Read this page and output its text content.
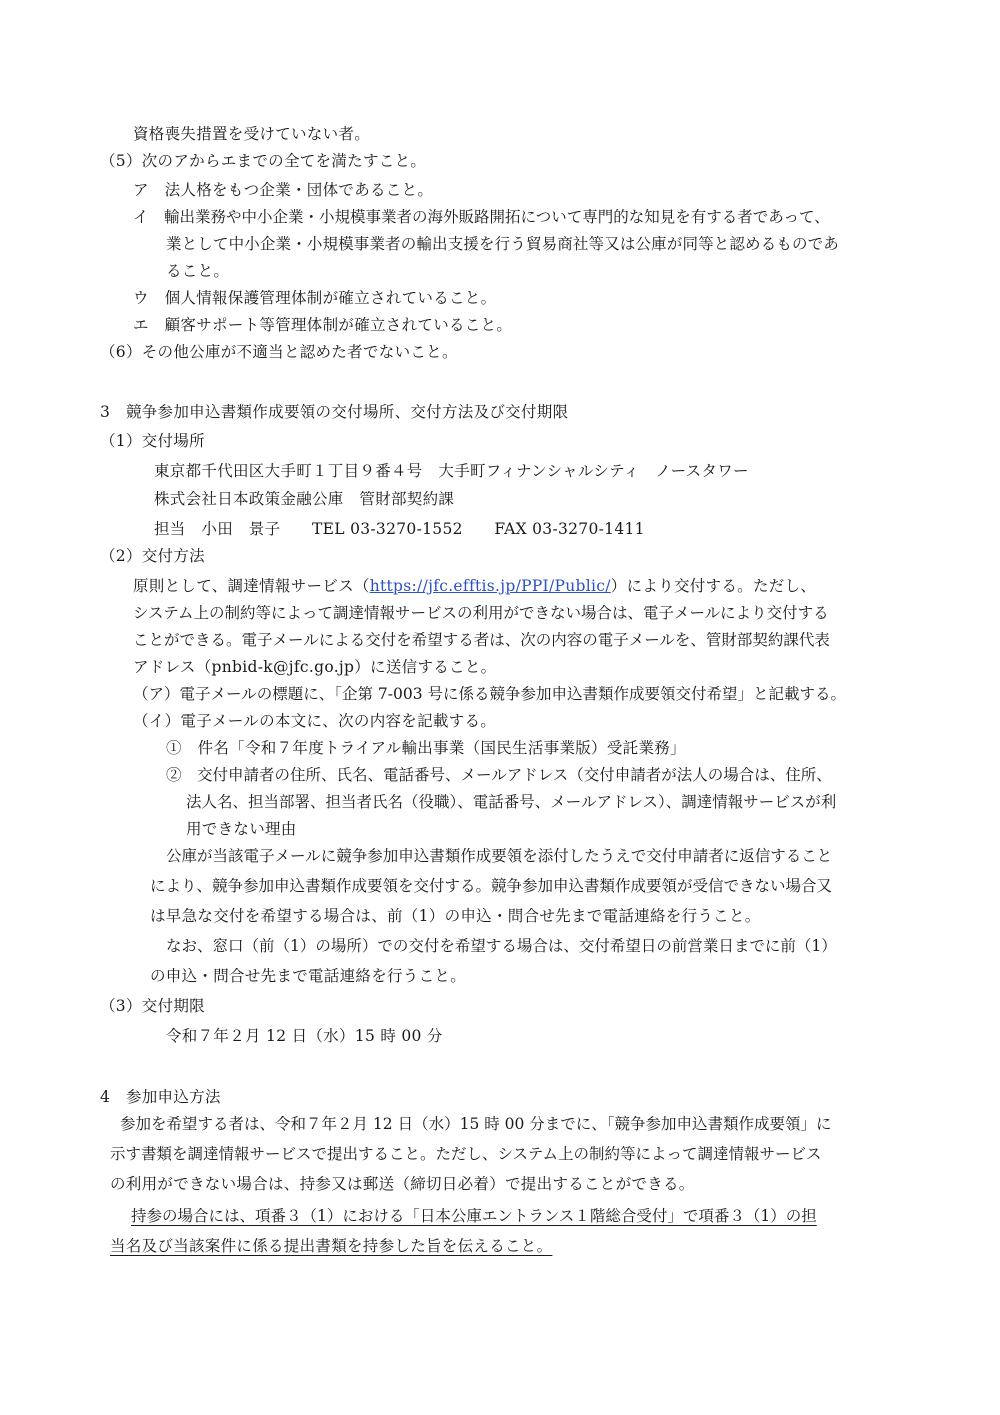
資格喪失措置を受けていない者。
（5）次のアからエまでの全てを満たすこと。
ア　法人格をもつ企業・団体であること。
イ　輸出業務や中小企業・小規模事業者の海外販路開拓について専門的な知見を有する者であって、
業として中小企業・小規模事業者の輸出支援を行う貿易商社等又は公庫が同等と認めるものであ
ること。
ウ　個人情報保護管理体制が確立されていること。
エ　顧客サポート等管理体制が確立されていること。
（6）その他公庫が不適当と認めた者でないこと。
3　競争参加申込書類作成要領の交付場所、交付方法及び交付期限
（1）交付場所
東京都千代田区大手町１丁目９番４号　大手町フィナンシャルシティ　ノースタワー
株式会社日本政策金融公庫　管財部契約課
担当　小田　景子　　TEL 03-3270-1552　　FAX 03-3270-1411
（2）交付方法
原則として、調達情報サービス（https://jfc.efftis.jp/PPI/Public/）により交付する。ただし、
システム上の制約等によって調達情報サービスの利用ができない場合は、電子メールにより交付する
ことができる。電子メールによる交付を希望する者は、次の内容の電子メールを、管財部契約課代表
アドレス（pnbid-k@jfc.go.jp）に送信すること。
（ア）電子メールの標題に、「企第 7-003 号に係る競争参加申込書類作成要領交付希望」と記載する。
（イ）電子メールの本文に、次の内容を記載する。
①　件名「令和７年度トライアル輸出事業（国民生活事業版）受託業務」
②　交付申請者の住所、氏名、電話番号、メールアドレス（交付申請者が法人の場合は、住所、
法人名、担当部署、担当者氏名（役職）、電話番号、メールアドレス）、調達情報サービスが利
用できない理由
公庫が当該電子メールに競争参加申込書類作成要領を添付したうえで交付申請者に返信すること
により、競争参加申込書類作成要領を交付する。競争参加申込書類作成要領が受信できない場合又
は早急な交付を希望する場合は、前（1）の申込・問合せ先まで電話連絡を行うこと。
なお、窓口（前（1）の場所）での交付を希望する場合は、交付希望日の前営業日までに前（1）
の申込・問合せ先まで電話連絡を行うこと。
（3）交付期限
令和７年２月 12 日（水）15 時 00 分
4　参加申込方法
参加を希望する者は、令和７年２月 12 日（水）15 時 00 分までに、「競争参加申込書類作成要領」に
示す書類を調達情報サービスで提出すること。ただし、システム上の制約等によって調達情報サービス
の利用ができない場合は、持参又は郵送（締切日必着）で提出することができる。
持参の場合には、項番３（1）における「日本公庫エントランス１階総合受付」で項番３（1）の担
当名及び当該案件に係る提出書類を持参した旨を伝えること。
